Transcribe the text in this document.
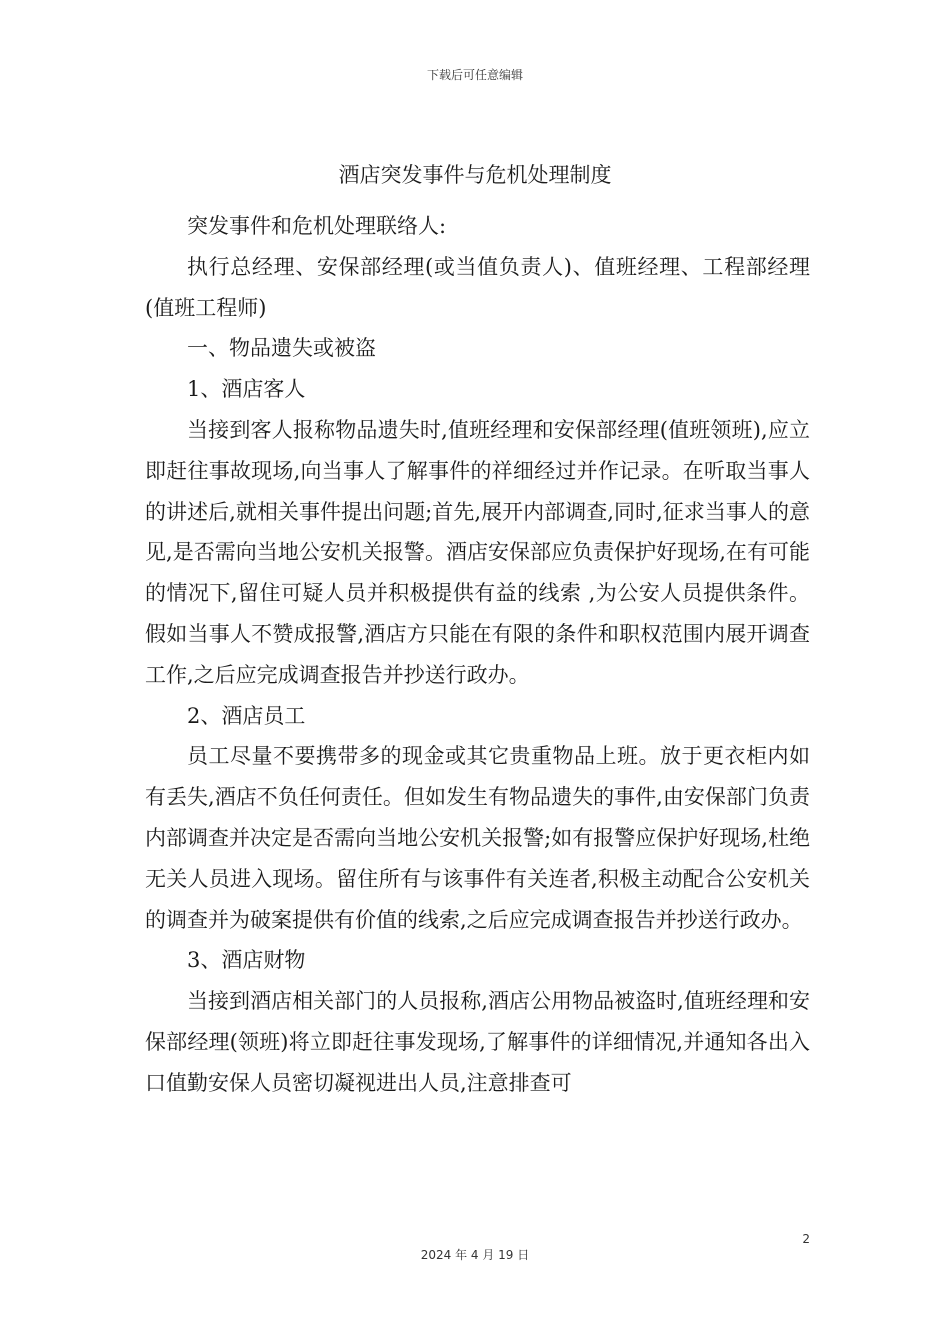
下载后可任意编辑
酒店突发事件与危机处理制度

突发事件和危机处理联络人:

执行总经理、安保部经理(或当值负责人)、值班经理、工程部经理(值班工程师)

一、物品遗失或被盗

1、酒店客人

当接到客人报称物品遗失时,值班经理和安保部经理(值班领班),应立即赶往事故现场,向当事人了解事件的祥细经过并作记录。在听取当事人的讲述后,就相关事件提出问题;首先,展开内部调查,同时,征求当事人的意见,是否需向当地公安机关报警。酒店安保部应负责保护好现场,在有可能的情况下,留住可疑人员并积极提供有益的线索 ,为公安人员提供条件。假如当事人不赞成报警,酒店方只能在有限的条件和职权范围内展开调查工作,之后应完成调查报告并抄送行政办。

2、酒店员工

员工尽量不要携带多的现金或其它贵重物品上班。放于更衣柜内如有丢失,酒店不负任何责任。但如发生有物品遗失的事件,由安保部门负责内部调查并决定是否需向当地公安机关报警;如有报警应保护好现场,杜绝无关人员进入现场。留住所有与该事件有关连者,积极主动配合公安机关的调查并为破案提供有价值的线索,之后应完成调查报告并抄送行政办。

3、酒店财物

当接到酒店相关部门的人员报称,酒店公用物品被盗时,值班经理和安保部经理(领班)将立即赶往事发现场,了解事件的详细情况,并通知各出入口值勤安保人员密切凝视进出人员,注意排查可

2
2024 年 4 月 19 日
